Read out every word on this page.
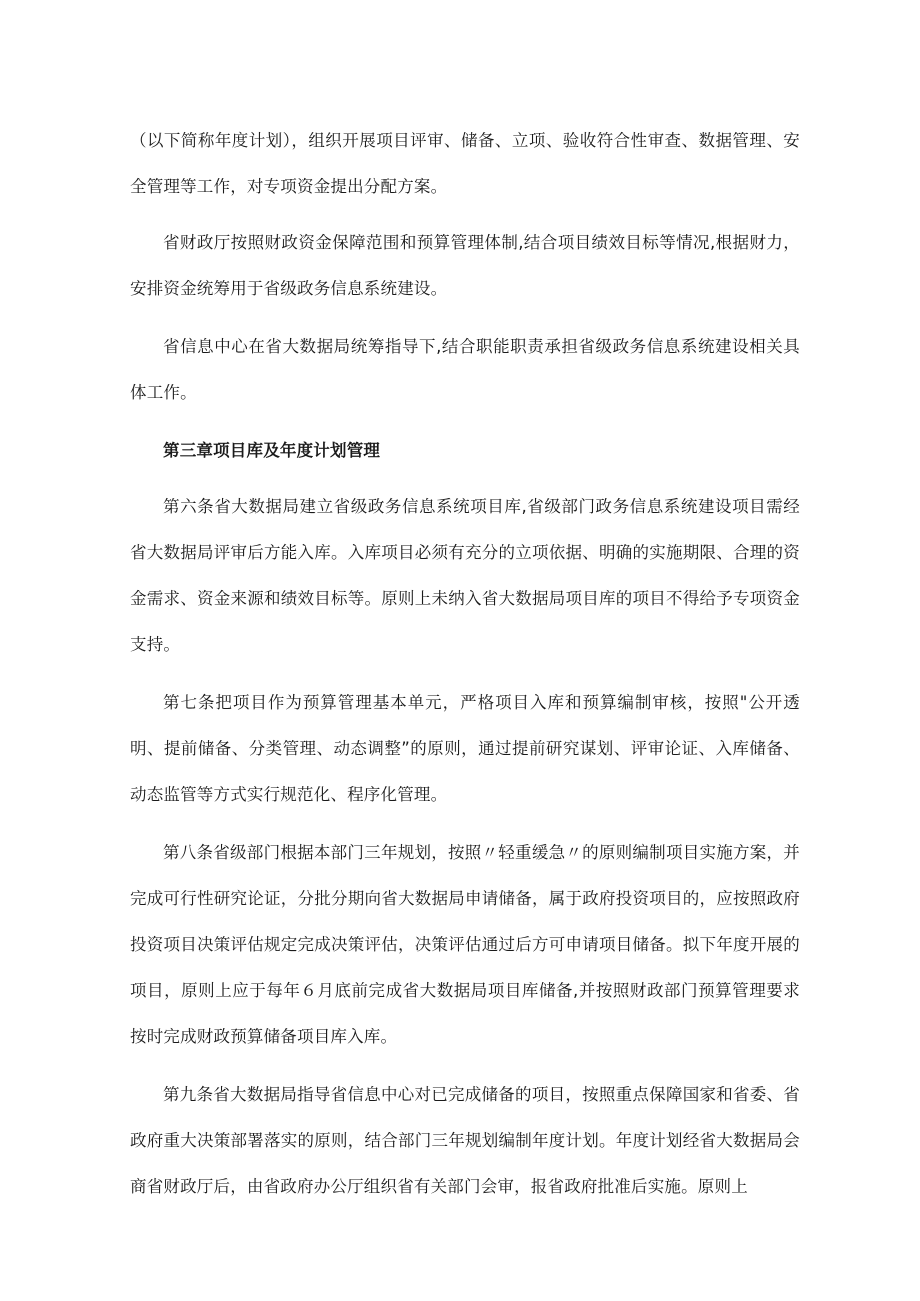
（以下简称年度计划），组织开展项目评审、储备、立项、验收符合性审查、数据管理、安全管理等工作，对专项资金提出分配方案。

省财政厅按照财政资金保障范围和预算管理体制,结合项目绩效目标等情况,根据财力，安排资金统筹用于省级政务信息系统建设。

省信息中心在省大数据局统筹指导下,结合职能职责承担省级政务信息系统建设相关具体工作。

第三章项目库及年度计划管理

第六条省大数据局建立省级政务信息系统项目库,省级部门政务信息系统建设项目需经省大数据局评审后方能入库。入库项目必须有充分的立项依据、明确的实施期限、合理的资金需求、资金来源和绩效目标等。原则上未纳入省大数据局项目库的项目不得给予专项资金支持。

第七条把项目作为预算管理基本单元，严格项目入库和预算编制审核，按照"公开透明、提前储备、分类管理、动态调整”的原则，通过提前研究谋划、评审论证、入库储备、动态监管等方式实行规范化、程序化管理。

第八条省级部门根据本部门三年规划，按照〃轻重缓急〃的原则编制项目实施方案，并完成可行性研究论证，分批分期向省大数据局申请储备，属于政府投资项目的，应按照政府投资项目决策评估规定完成决策评估，决策评估通过后方可申请项目储备。拟下年度开展的项目，原则上应于每年６月底前完成省大数据局项目库储备,并按照财政部门预算管理要求按时完成财政预算储备项目库入库。

第九条省大数据局指导省信息中心对已完成储备的项目，按照重点保障国家和省委、省政府重大决策部署落实的原则，结合部门三年规划编制年度计划。年度计划经省大数据局会商省财政厅后，由省政府办公厅组织省有关部门会审，报省政府批准后实施。原则上
